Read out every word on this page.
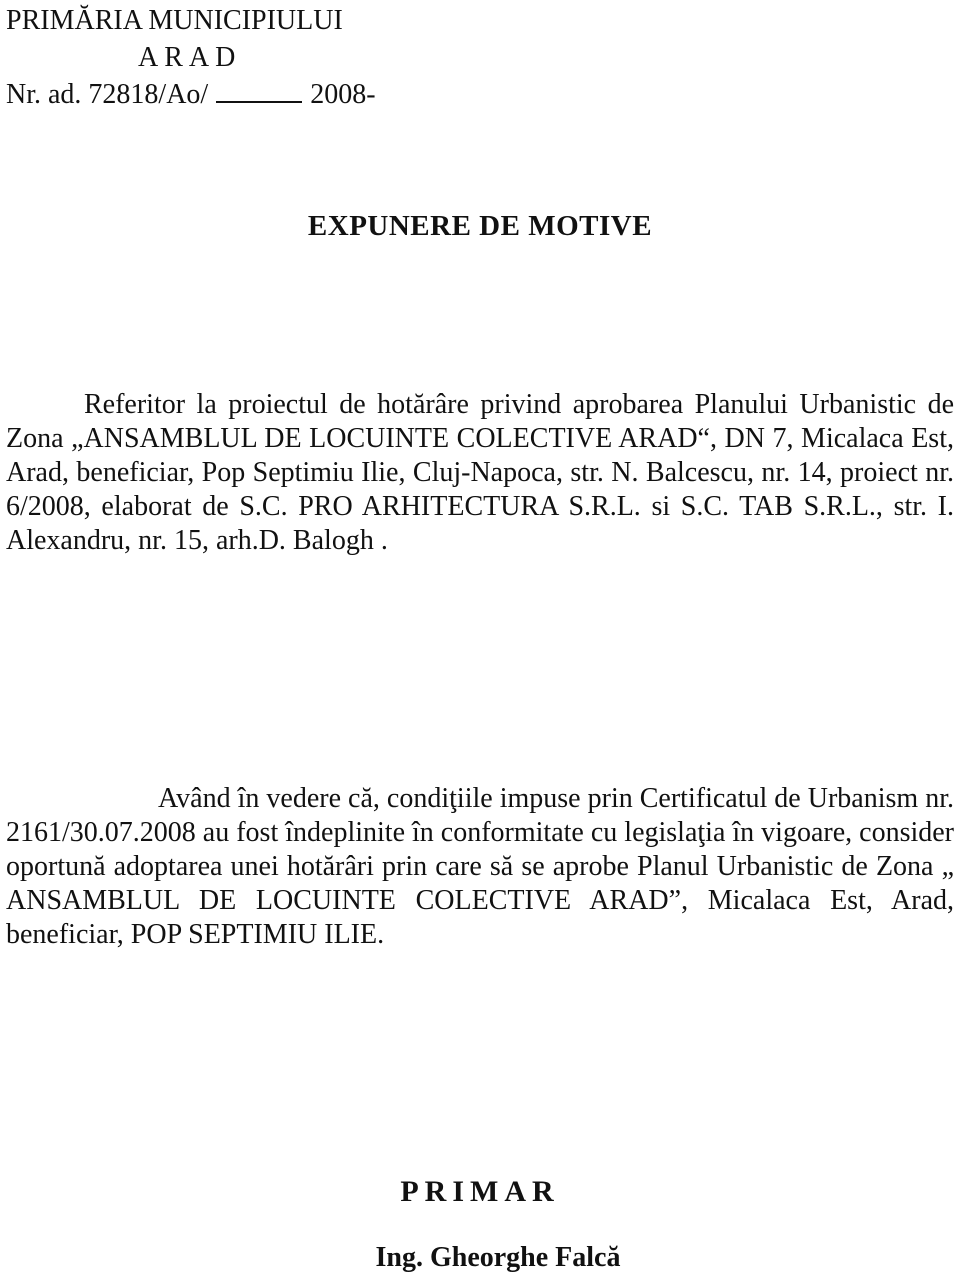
PRIMĂRIA MUNICIPIULUI
ARAD
Nr. ad. 72818/Ao/	2008-
EXPUNERE DE MOTIVE
Referitor la proiectul de hotărâre privind aprobarea Planului Urbanistic de Zona „ANSAMBLUL DE LOCUINTE COLECTIVE ARAD“, DN 7, Micalaca Est, Arad, beneficiar, Pop Septimiu Ilie, Cluj-Napoca, str. N. Balcescu, nr. 14, proiect nr. 6/2008, elaborat de S.C. PRO ARHITECTURA S.R.L. si S.C. TAB S.R.L., str. I. Alexandru, nr. 15, arh.D. Balogh .
Având în vedere că, condiţiile impuse prin Certificatul de Urbanism nr. 2161/30.07.2008 au fost îndeplinite în conformitate cu legislaţia în vigoare, consider oportună adoptarea unei hotărâri prin care să se aprobe Planul Urbanistic de Zona „ ANSAMBLUL DE LOCUINTE COLECTIVE ARAD”, Micalaca Est, Arad, beneficiar, POP SEPTIMIU ILIE.
PRIMAR
Ing. Gheorghe Falcă
